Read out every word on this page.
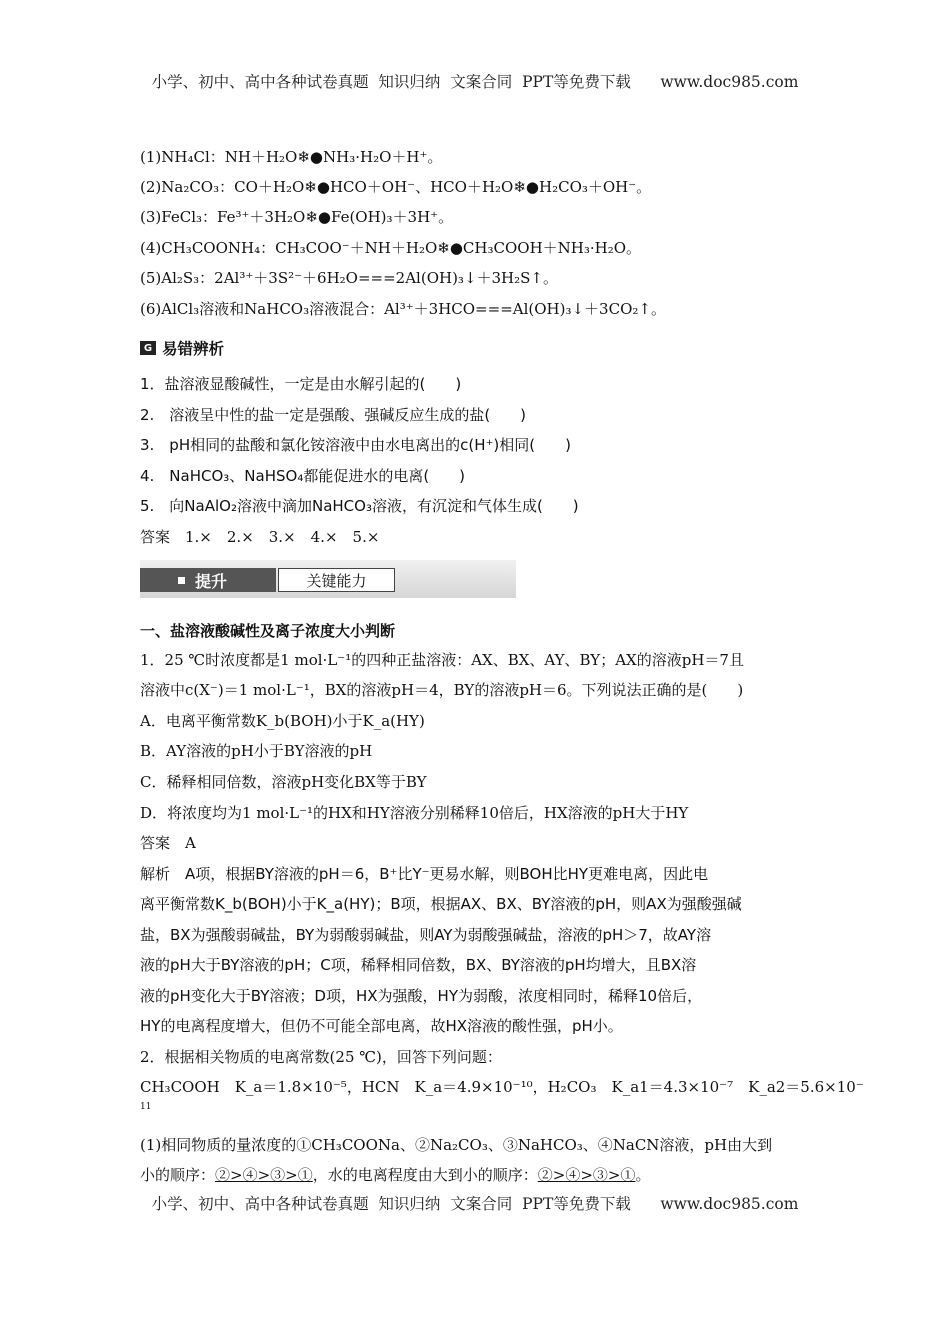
小学、初中、高中各种试卷真题  知识归纳  文案合同  PPT等免费下载      www.doc985.com
(1)NH₄Cl：NH＋H₂O❄●NH₃·H₂O＋H⁺。
(2)Na₂CO₃：CO＋H₂O❄●HCO＋OH⁻、HCO＋H₂O❄●H₂CO₃＋OH⁻。
(3)FeCl₃：Fe³⁺＋3H₂O❄●Fe(OH)₃＋3H⁺。
(4)CH₃COONH₄：CH₃COO⁻＋NH＋H₂O❄●CH₃COOH＋NH₃·H₂O。
(5)Al₂S₃：2Al³⁺＋3S²⁻＋6H₂O===2Al(OH)₃↓＋3H₂S↑。
(6)AlCl₃溶液和NaHCO₃溶液混合：Al³⁺＋3HCO===Al(OH)₃↓＋3CO₂↑。
G 易错辨析
1．盐溶液显酸碱性，一定是由水解引起的(　　)
2.　溶液呈中性的盐一定是强酸、强碱反应生成的盐(　　)
3.　pH相同的盐酸和氯化铵溶液中由水电离出的c(H⁺)相同(　　)
4.　NaHCO₃、NaHSO₄都能促进水的电离(　　)
5.　向NaAlO₂溶液中滴加NaHCO₃溶液，有沉淀和气体生成(　　)
答案　1.×　2.×　3.×　4.×　5.×
提升	关键能力
一、盐溶液酸碱性及离子浓度大小判断
1．25 ℃时浓度都是1 mol·L⁻¹的四种正盐溶液：AX、BX、AY、BY；AX的溶液pH＝7且
溶液中c(X⁻)＝1 mol·L⁻¹，BX的溶液pH＝4，BY的溶液pH＝6。下列说法正确的是(　　)
A．电离平衡常数K_b(BOH)小于K_a(HY)
B．AY溶液的pH小于BY溶液的pH
C．稀释相同倍数，溶液pH变化BX等于BY
D．将浓度均为1 mol·L⁻¹的HX和HY溶液分别稀释10倍后，HX溶液的pH大于HY
答案　A
解析　A项，根据BY溶液的pH＝6，B⁺比Y⁻更易水解，则BOH比HY更难电离，因此电
离平衡常数K_b(BOH)小于K_a(HY)；B项，根据AX、BX、BY溶液的pH，则AX为强酸强碱
盐，BX为强酸弱碱盐，BY为弱酸弱碱盐，则AY为弱酸强碱盐，溶液的pH＞7，故AY溶
液的pH大于BY溶液的pH；C项，稀释相同倍数，BX、BY溶液的pH均增大，且BX溶
液的pH变化大于BY溶液；D项，HX为强酸，HY为弱酸，浓度相同时，稀释10倍后，
HY的电离程度增大，但仍不可能全部电离，故HX溶液的酸性强，pH小。
2．根据相关物质的电离常数(25 ℃)，回答下列问题：
CH₃COOH　K_a＝1.8×10⁻⁵，HCN　K_a＝4.9×10⁻¹⁰，H₂CO₃　K_a1＝4.3×10⁻⁷　K_a2＝5.6×10⁻
11
(1)相同物质的量浓度的①CH₃COONa、②Na₂CO₃、③NaHCO₃、④NaCN溶液，pH由大到
小的顺序：②>④>③>①，水的电离程度由大到小的顺序：②>④>③>①。
小学、初中、高中各种试卷真题  知识归纳  文案合同  PPT等免费下载      www.doc985.com
